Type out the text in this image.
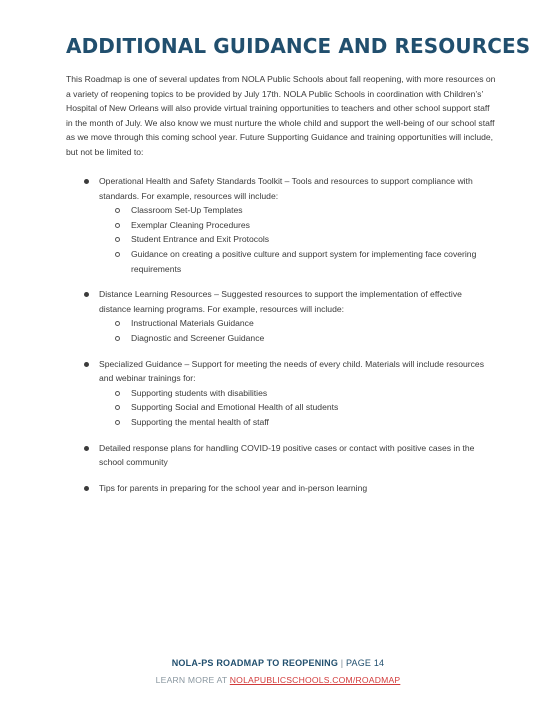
ADDITIONAL GUIDANCE AND RESOURCES

This Roadmap is one of several updates from NOLA Public Schools about fall reopening, with more resources on a variety of reopening topics to be provided by July 17th. NOLA Public Schools in coordination with Children’s’ Hospital of New Orleans will also provide virtual training opportunities to teachers and other school support staff in the month of July. We also know we must nurture the whole child and support the well-being of our school staff as we move through this coming school year. Future Supporting Guidance and training opportunities will include, but not be limited to:

Operational Health and Safety Standards Toolkit – Tools and resources to support compliance with standards. For example, resources will include:
Classroom Set-Up Templates
Exemplar Cleaning Procedures
Student Entrance and Exit Protocols
Guidance on creating a positive culture and support system for implementing face covering requirements
Distance Learning Resources – Suggested resources to support the implementation of effective distance learning programs. For example, resources will include:
Instructional Materials Guidance
Diagnostic and Screener Guidance
Specialized Guidance – Support for meeting the needs of every child. Materials will include resources and webinar trainings for:
Supporting students with disabilities
Supporting Social and Emotional Health of all students
Supporting the mental health of staff
Detailed response plans for handling COVID-19 positive cases or contact with positive cases in the school community
Tips for parents in preparing for the school year and in-person learning
NOLA-PS ROADMAP TO REOPENING | PAGE 14
LEARN MORE AT NOLAPUBLICSCHOOLS.COM/ROADMAP
